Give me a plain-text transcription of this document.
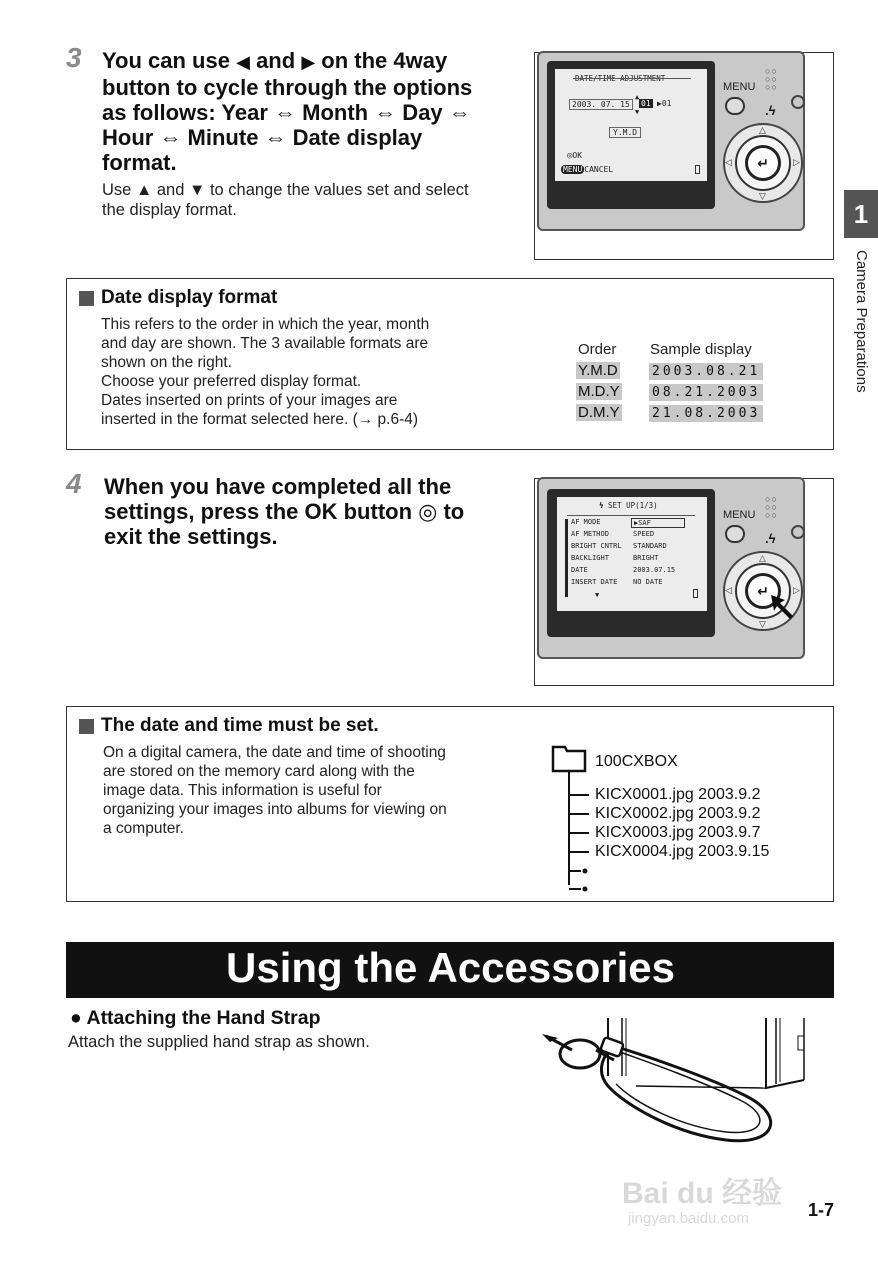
3 You can use ◀ and ▶ on the 4way
button to cycle through the options
as follows: Year ⇔ Month ⇔ Day ⇔
Hour ⇔ Minute ⇔ Date display
format.
Use ▲ and ▼ to change the values set and select
the display format.
DATE/TIME ADJUSTMENT
2003. 07. 15
▲
01
▼
▶01
Y.M.D
◎OK
MENU CANCEL
MENU
○○
○○
○○
.ϟ
↵
△
▽
◁	▷
1
Camera Preparations
Date display format
This refers to the order in which the year, month
and day are shown. The 3 available formats are
shown on the right.
Choose your preferred display format.
Dates inserted on prints of your images are
inserted in the format selected here. (→ p.6-4)
Order Sample display
Y.M.D	2003.08.21
M.D.Y 08.21.2003
D.M.Y 21.08.2003
4 When you have completed all the
settings, press the OK button ◎ to
exit the settings.
ϟ SET UP(1/3)
AF MODE	▶SAF
AF METHOD	SPEED
BRIGHT CNTRL STANDARD
BACKLIGHT	BRIGHT
DATE	2003.07.15
INSERT DATE NO DATE
▼
MENU
○○
○○
○○
.ϟ
↵
△
▽
◁	▷
The date and time must be set.
On a digital camera, the date and time of shooting
are stored on the memory card along with the
image data. This information is useful for
organizing your images into albums for viewing on
a computer.
100CXBOX
KICX0001.jpg 2003.9.2
KICX0002.jpg 2003.9.2
KICX0003.jpg 2003.9.7
KICX0004.jpg 2003.9.15
Using the Accessories
● Attaching the Hand Strap
Attach the supplied hand strap as shown.
Bai du 经验
jingyan.baidu.com	1-7
